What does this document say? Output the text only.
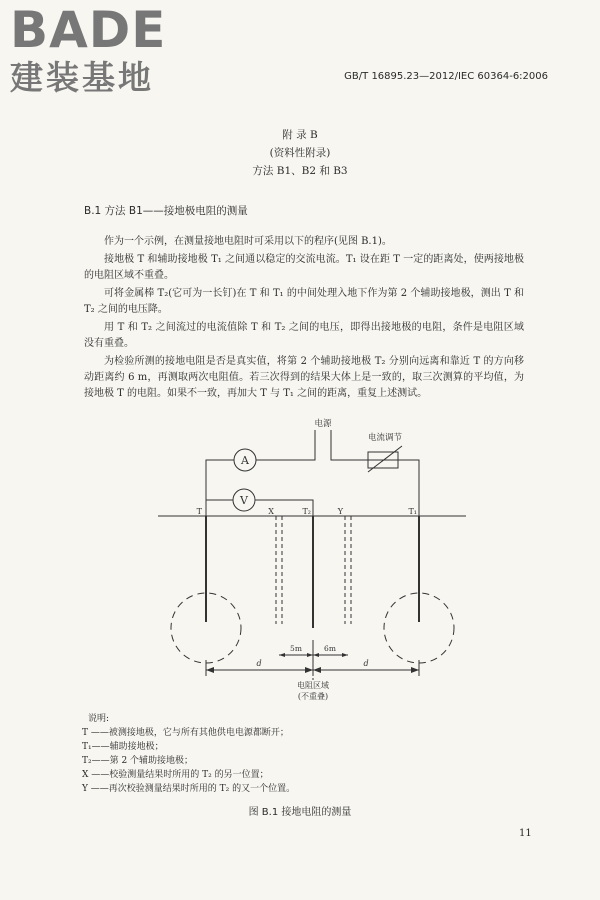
BADE
建装基地	GB/T 16895.23—2012/IEC 60364-6:2006
附 录 B
(资料性附录)
方法 B1、B2 和 B3
B.1 方法 B1——接地极电阻的测量
作为一个示例，在测量接地电阻时可采用以下的程序(见图 B.1)。
接地极 T 和辅助接地极 T₁ 之间通以稳定的交流电流。T₁ 设在距 T 一定的距离处，使两接地极的电阻区域不重叠。
可将金属棒 T₂(它可为一长钉)在 T 和 T₁ 的中间处理入地下作为第 2 个辅助接地极，测出 T 和 T₂ 之间的电压降。
用 T 和 T₂ 之间流过的电流值除 T 和 T₂ 之间的电压，即得出接地极的电阻，条件是电阻区域没有重叠。
为检验所测的接地电阻是否是真实值，将第 2 个辅助接地极 T₂ 分别向远离和靠近 T 的方向移动距离约 6 m，再测取两次电阻值。若三次得到的结果大体上是一致的，取三次测算的平均值，为接地极 T 的电阻。如果不一致，再加大 T 与 T₁ 之间的距离，重复上述测试。
A
V
电源
电流调节
T	X	T₂	Y	T₁
5m	6m
d	d
电阻区域
(不重叠)
说明:
T ——被测接地极，它与所有其他供电电源都断开；
T₁——辅助接地极；
T₂——第 2 个辅助接地极；
X ——校验测量结果时所用的 T₂ 的另一位置；
Y ——再次校验测量结果时所用的 T₂ 的又一个位置。
图 B.1 接地电阻的测量
11
